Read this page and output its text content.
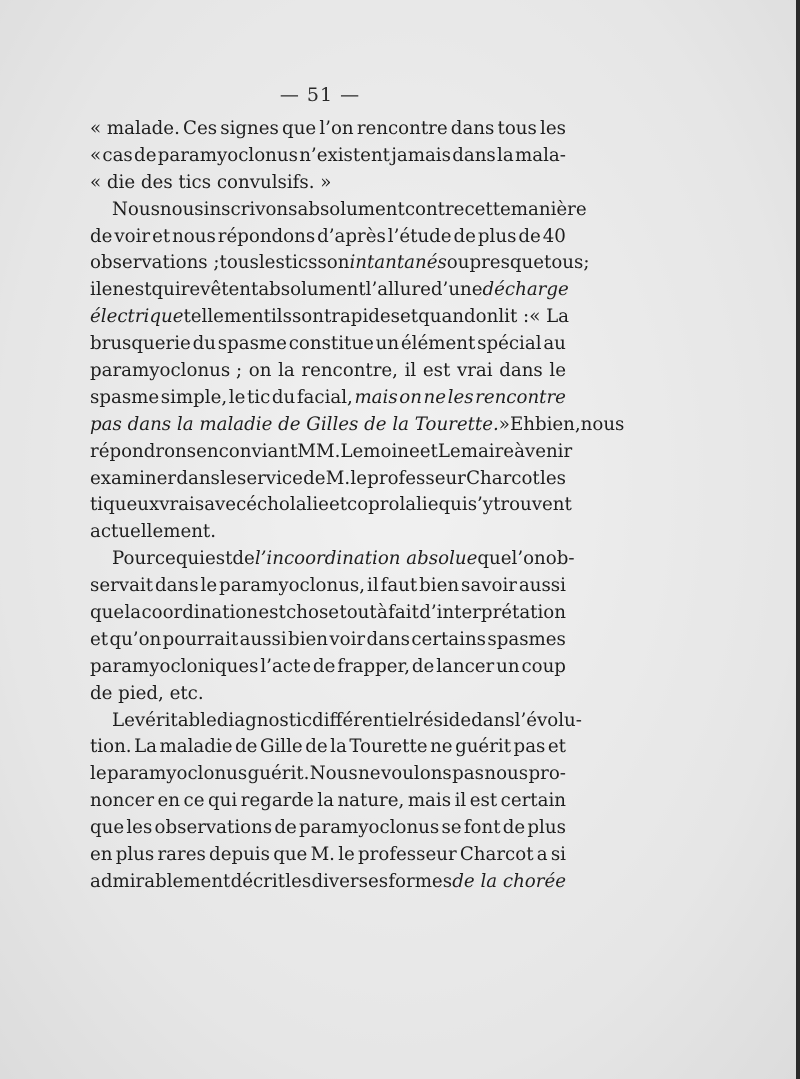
— 51 —
« malade. Ces signes que l’on rencontre dans tous les
« cas de paramyoclonus n’existent jamais dans la mala-
« die des tics convulsifs. »
Nous nous inscrivons absolument contre cette manière
de voir et nous répondons d’après l’étude de plus de 40
observations ; tous les tics son intantanés ou presque tous;
il en est qui revêtent absolument l’allure d’une décharge
électrique tellement ils sont rapides et quand on lit : « La
brusquerie du spasme constitue un élément spécial au
paramyoclonus ; on la rencontre, il est vrai dans le
spasme simple, le tic du facial, mais on ne les rencontre
pas dans la maladie de Gilles de la Tourette. » Eh bien, nous
répondrons en conviant MM. Lemoine et Lemaire à venir
examiner dans le service de M. le professeur Charcot les
tiqueux vrais avec écholalie et coprolalie qui s’y trouvent
actuellement.
Pour ce qui est de l’incoordination absolue que l’on ob-
servait dans le paramyoclonus, il faut bien savoir aussi
que la coordination est chose tout à fait d’interprétation
et qu’on pourrait aussi bien voir dans certains spasmes
paramyocloniques l’acte de frapper, de lancer un coup
de pied, etc.
Le véritable diagnostic différentiel réside dans l’évolu-
tion. La maladie de Gille de la Tourette ne guérit pas et
le paramyoclonus guérit. Nous ne voulons pas nous pro-
noncer en ce qui regarde la nature, mais il est certain
que les observations de paramyoclonus se font de plus
en plus rares depuis que M. le professeur Charcot a si
admirablement décrit les diverses formes de la chorée
